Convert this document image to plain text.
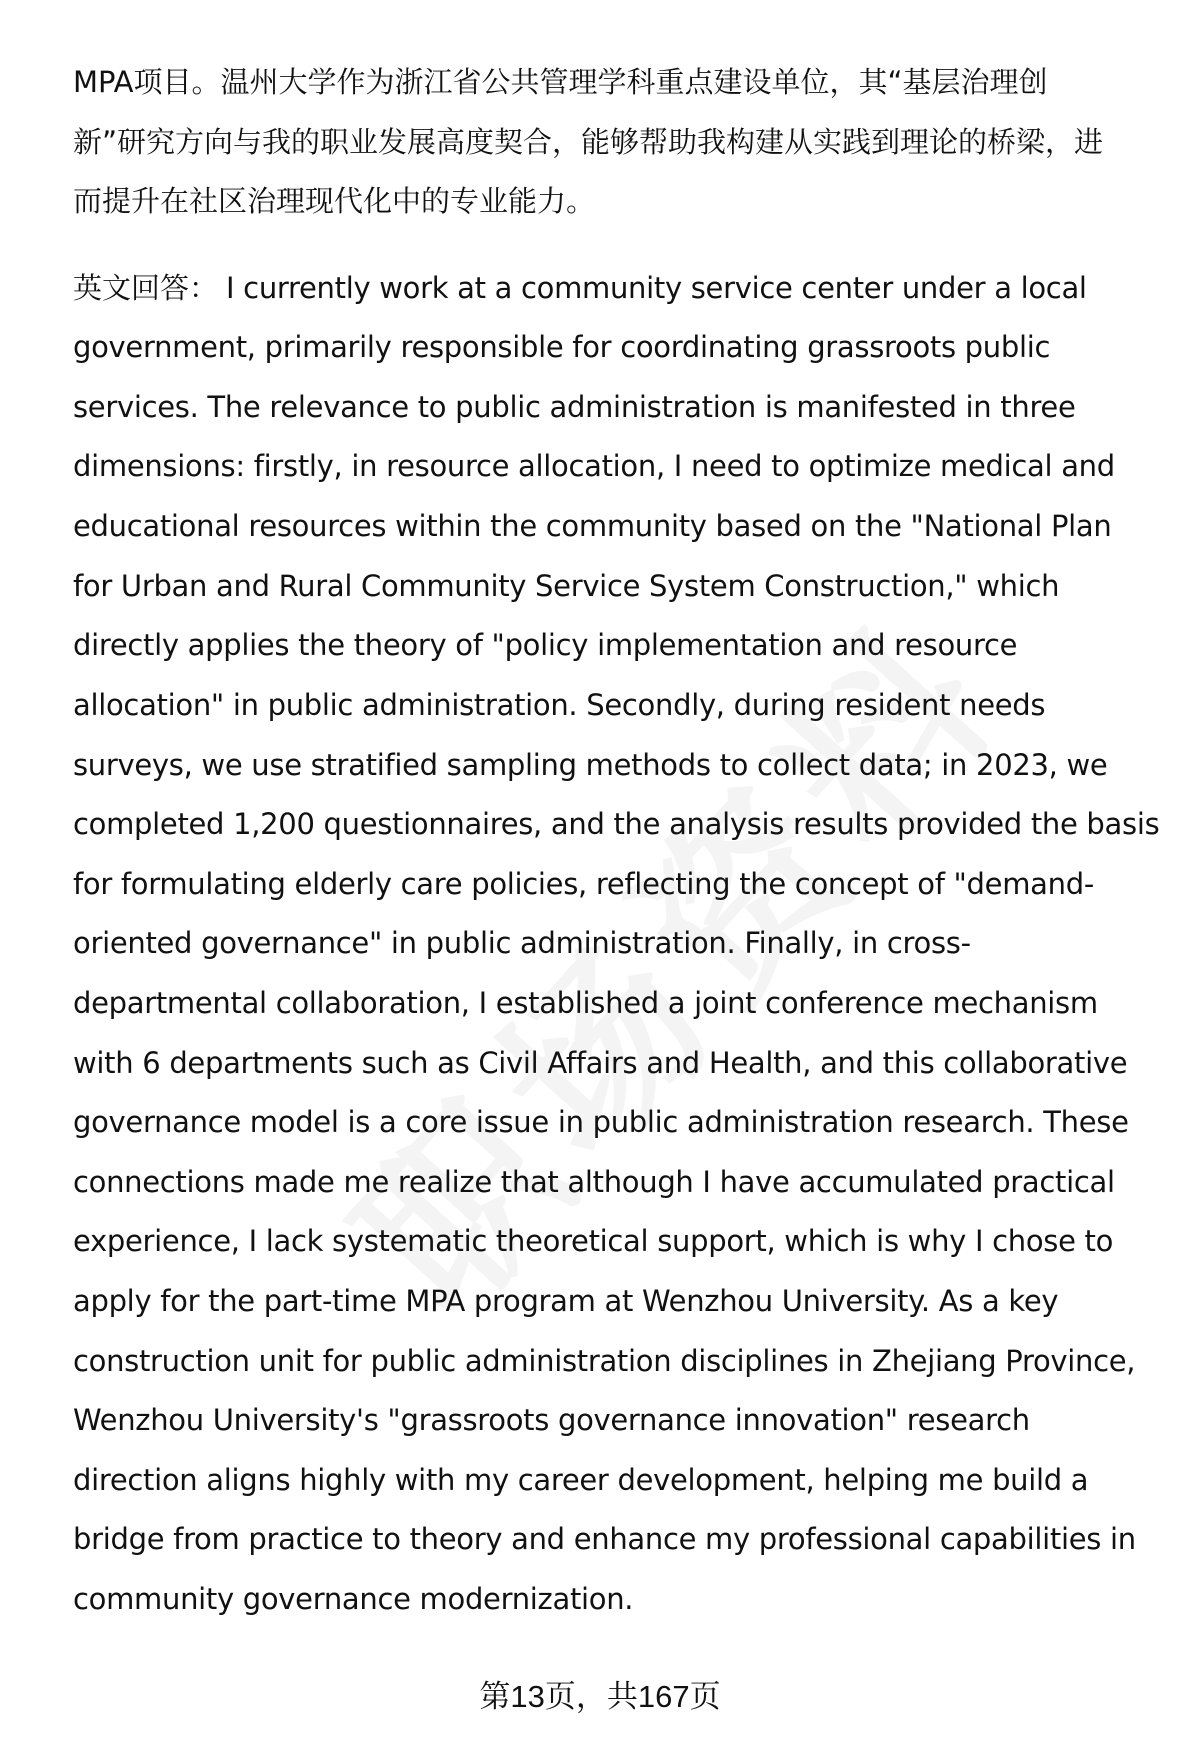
MPA项目。温州大学作为浙江省公共管理学科重点建设单位，其“基层治理创
新”研究方向与我的职业发展高度契合，能够帮助我构建从实践到理论的桥梁，进
而提升在社区治理现代化中的专业能力。
英文回答： I currently work at a community service center under a local
government, primarily responsible for coordinating grassroots public
services. The relevance to public administration is manifested in three
dimensions: firstly, in resource allocation, I need to optimize medical and
educational resources within the community based on the "National Plan
for Urban and Rural Community Service System Construction," which
directly applies the theory of "policy implementation and resource
allocation" in public administration. Secondly, during resident needs
surveys, we use stratified sampling methods to collect data; in 2023, we
completed 1,200 questionnaires, and the analysis results provided the basis
for formulating elderly care policies, reflecting the concept of "demand-
oriented governance" in public administration. Finally, in cross-
departmental collaboration, I established a joint conference mechanism
with 6 departments such as Civil Affairs and Health, and this collaborative
governance model is a core issue in public administration research. These
connections made me realize that although I have accumulated practical
experience, I lack systematic theoretical support, which is why I chose to
apply for the part-time MPA program at Wenzhou University. As a key
construction unit for public administration disciplines in Zhejiang Province,
Wenzhou University's "grassroots governance innovation" research
direction aligns highly with my career development, helping me build a
bridge from practice to theory and enhance my professional capabilities in
community governance modernization.
第13页，共167页
